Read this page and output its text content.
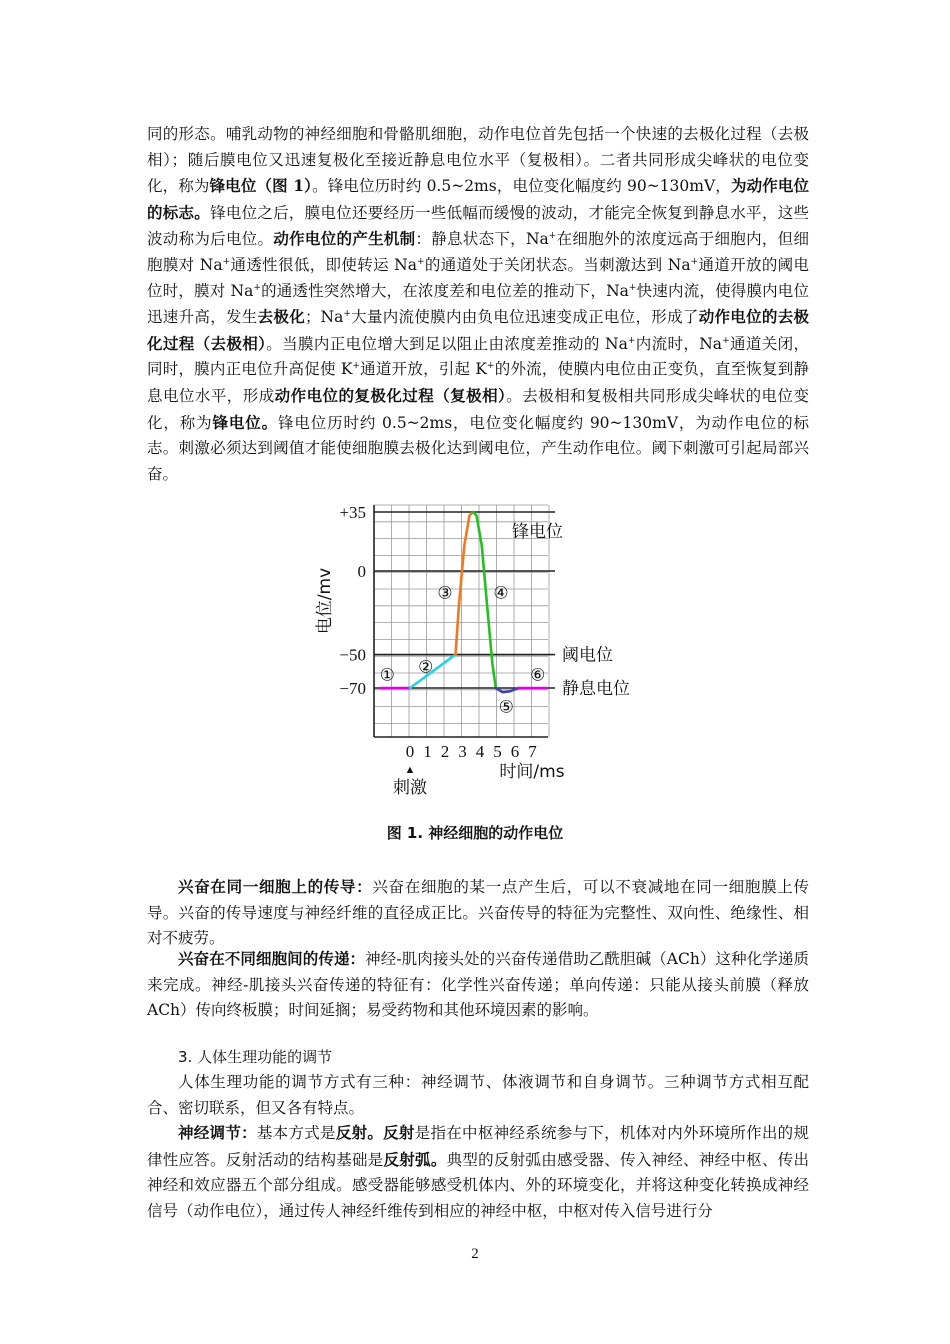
同的形态。哺乳动物的神经细胞和骨骼肌细胞，动作电位首先包括一个快速的去极化过程（去极相）；随后膜电位又迅速复极化至接近静息电位水平（复极相）。二者共同形成尖峰状的电位变化，称为锋电位（图 1）。锋电位历时约 0.5~2ms，电位变化幅度约 90~130mV，为动作电位的标志。锋电位之后，膜电位还要经历一些低幅而缓慢的波动，才能完全恢复到静息水平，这些波动称为后电位。动作电位的产生机制：静息状态下，Na+在细胞外的浓度远高于细胞内，但细胞膜对 Na+通透性很低，即使转运 Na+的通道处于关闭状态。当刺激达到 Na+通道开放的阈电位时，膜对 Na+的通透性突然增大，在浓度差和电位差的推动下，Na+快速内流，使得膜内电位迅速升高，发生去极化；Na+大量内流使膜内由负电位迅速变成正电位，形成了动作电位的去极化过程（去极相）。当膜内正电位增大到足以阻止由浓度差推动的 Na+内流时，Na+通道关闭，同时，膜内正电位升高促使 K+通道开放，引起 K+的外流，使膜内电位由正变负，直至恢复到静息电位水平，形成动作电位的复极化过程（复极相）。去极相和复极相共同形成尖峰状的电位变化，称为锋电位。锋电位历时约 0.5~2ms，电位变化幅度约 90~130mV，为动作电位的标志。刺激必须达到阈值才能使细胞膜去极化达到阈电位，产生动作电位。阈下刺激可引起局部兴奋。

+35
0
−50
−70
0 1 2 3 4 5 6 7
① ②
③ ④
⑤
⑥
锋电位
阈电位
静息电位
电位/mv
时间/ms
▲
刺激
图 1. 神经细胞的动作电位

兴奋在同一细胞上的传导：兴奋在细胞的某一点产生后，可以不衰减地在同一细胞膜上传导。兴奋的传导速度与神经纤维的直径成正比。兴奋传导的特征为完整性、双向性、绝缘性、相对不疲劳。

兴奋在不同细胞间的传递：神经-肌肉接头处的兴奋传递借助乙酰胆碱（ACh）这种化学递质来完成。神经-肌接头兴奋传递的特征有：化学性兴奋传递；单向传递：只能从接头前膜（释放 ACh）传向终板膜；时间延搁；易受药物和其他环境因素的影响。

3. 人体生理功能的调节

人体生理功能的调节方式有三种：神经调节、体液调节和自身调节。三种调节方式相互配合、密切联系，但又各有特点。

神经调节：基本方式是反射。反射是指在中枢神经系统参与下，机体对内外环境所作出的规律性应答。反射活动的结构基础是反射弧。典型的反射弧由感受器、传入神经、神经中枢、传出神经和效应器五个部分组成。感受器能够感受机体内、外的环境变化，并将这种变化转换成神经信号（动作电位），通过传人神经纤维传到相应的神经中枢，中枢对传入信号进行分

2
